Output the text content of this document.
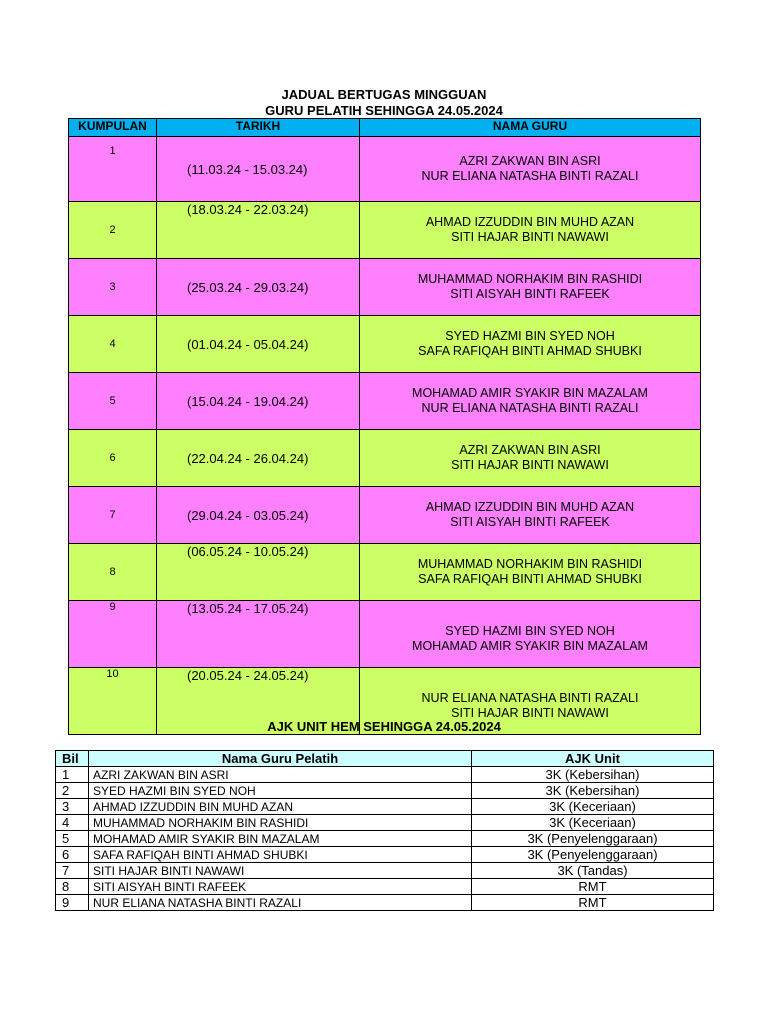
JADUAL BERTUGAS MINGGUAN
GURU PELATIH SEHINGGA 24.05.2024
KUMPULAN	TARIKH	NAMA GURU
1	(11.03.24 - 15.03.24)	AZRI ZAKWAN BIN ASRI
NUR ELIANA NATASHA BINTI RAZALI

2	(18.03.24 - 22.03.24)	AHMAD IZZUDDIN BIN MUHD AZAN
SITI HAJAR BINTI NAWAWI

3	(25.03.24 - 29.03.24)	MUHAMMAD NORHAKIM BIN RASHIDI
SITI AISYAH BINTI RAFEEK

4	(01.04.24 - 05.04.24)	SYED HAZMI BIN SYED NOH
SAFA RAFIQAH BINTI AHMAD SHUBKI

5	(15.04.24 - 19.04.24)	MOHAMAD AMIR SYAKIR BIN MAZALAM
NUR ELIANA NATASHA BINTI RAZALI

6	(22.04.24 - 26.04.24)	AZRI ZAKWAN BIN ASRI
SITI HAJAR BINTI NAWAWI

7	(29.04.24 - 03.05.24)	AHMAD IZZUDDIN BIN MUHD AZAN
SITI AISYAH BINTI RAFEEK

8	(06.05.24 - 10.05.24)	MUHAMMAD NORHAKIM BIN RASHIDI
SAFA RAFIQAH BINTI AHMAD SHUBKI

9	(13.05.24 - 17.05.24)	SYED HAZMI BIN SYED NOH
MOHAMAD AMIR SYAKIR BIN MAZALAM

10	(20.05.24 - 24.05.24)	NUR ELIANA NATASHA BINTI RAZALI
SITI HAJAR BINTI NAWAWI
AJK UNIT HEM SEHINGGA 24.05.2024
Bil	Nama Guru Pelatih	AJK Unit
1	AZRI ZAKWAN BIN ASRI	3K (Kebersihan)
2	SYED HAZMI BIN SYED NOH	3K (Kebersihan)
3	AHMAD IZZUDDIN BIN MUHD AZAN	3K (Keceriaan)
4	MUHAMMAD NORHAKIM BIN RASHIDI	3K (Keceriaan)
5	MOHAMAD AMIR SYAKIR BIN MAZALAM	3K (Penyelenggaraan)
6	SAFA RAFIQAH BINTI AHMAD SHUBKI	3K (Penyelenggaraan)
7	SITI HAJAR BINTI NAWAWI	3K (Tandas)
8	SITI AISYAH BINTI RAFEEK	RMT
9	NUR ELIANA NATASHA BINTI RAZALI	RMT
